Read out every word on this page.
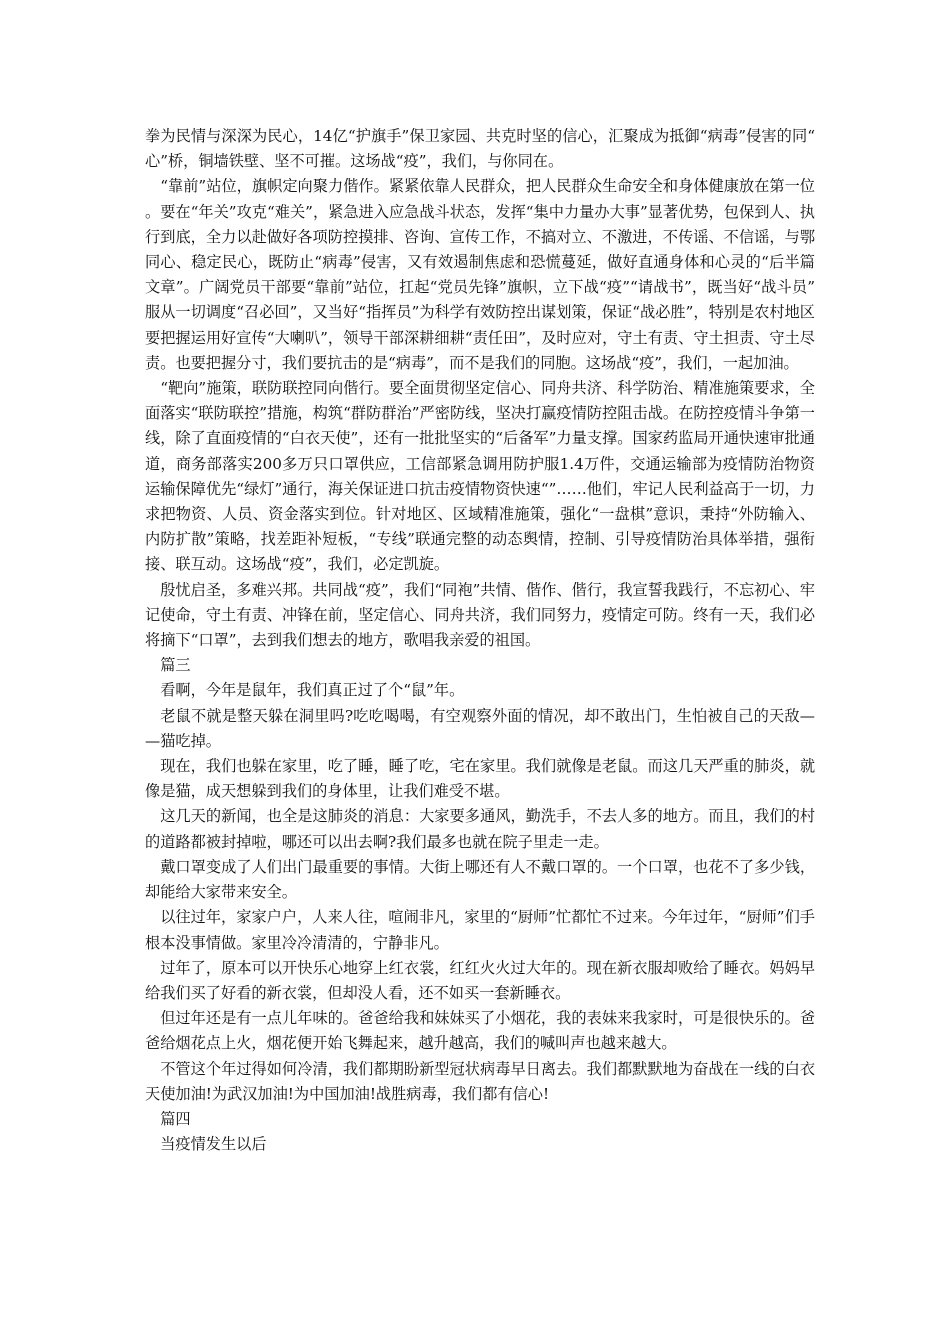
拳为民情与深深为民心，14亿“护旗手”保卫家园、共克时坚的信心，汇聚成为抵御“病毒”侵害的同“心”桥，铜墙铁壁、坚不可摧。这场战“疫”，我们，与你同在。

“靠前”站位，旗帜定向聚力偕作。紧紧依靠人民群众，把人民群众生命安全和身体健康放在第一位。要在“年关”攻克“难关”，紧急进入应急战斗状态，发挥“集中力量办大事”显著优势，包保到人、执行到底，全力以赴做好各项防控摸排、咨询、宣传工作，不搞对立、不激进，不传谣、不信谣，与鄂同心、稳定民心，既防止“病毒”侵害，又有效遏制焦虑和恐慌蔓延，做好直通身体和心灵的“后半篇文章”。广阔党员干部要“靠前”站位，扛起“党员先锋”旗帜，立下战“疫”“请战书”，既当好“战斗员”服从一切调度“召必回”，又当好“指挥员”为科学有效防控出谋划策，保证“战必胜”，特别是农村地区要把握运用好宣传“大喇叭”，领导干部深耕细耕“责任田”，及时应对，守土有责、守土担责、守土尽责。也要把握分寸，我们要抗击的是“病毒”，而不是我们的同胞。这场战“疫”，我们，一起加油。

“靶向”施策，联防联控同向偕行。要全面贯彻坚定信心、同舟共济、科学防治、精准施策要求，全面落实“联防联控”措施，构筑“群防群治”严密防线，坚决打赢疫情防控阻击战。在防控疫情斗争第一线，除了直面疫情的“白衣天使”，还有一批批坚实的“后备军”力量支撑。国家药监局开通快速审批通道，商务部落实200多万只口罩供应，工信部紧急调用防护服1.4万件，交通运输部为疫情防治物资运输保障优先“绿灯”通行，海关保证进口抗击疫情物资快速“”……他们，牢记人民利益高于一切，力求把物资、人员、资金落实到位。针对地区、区域精准施策，强化“一盘棋”意识，秉持“外防输入、内防扩散”策略，找差距补短板，“专线”联通完整的动态舆情，控制、引导疫情防治具体举措，强衔接、联互动。这场战“疫”，我们，必定凯旋。

殷忧启圣，多难兴邦。共同战“疫”，我们“同袍”共情、偕作、偕行，我宣誓我践行，不忘初心、牢记使命，守土有责、冲锋在前，坚定信心、同舟共济，我们同努力，疫情定可防。终有一天，我们必将摘下“口罩”，去到我们想去的地方，歌唱我亲爱的祖国。

篇三

看啊，今年是鼠年，我们真正过了个“鼠”年。

老鼠不就是整天躲在洞里吗?吃吃喝喝，有空观察外面的情况，却不敢出门，生怕被自己的天敌——猫吃掉。

现在，我们也躲在家里，吃了睡，睡了吃，宅在家里。我们就像是老鼠。而这几天严重的肺炎，就像是猫，成天想躲到我们的身体里，让我们难受不堪。

这几天的新闻，也全是这肺炎的消息：大家要多通风，勤洗手，不去人多的地方。而且，我们的村的道路都被封掉啦，哪还可以出去啊?我们最多也就在院子里走一走。

戴口罩变成了人们出门最重要的事情。大街上哪还有人不戴口罩的。一个口罩，也花不了多少钱，却能给大家带来安全。

以往过年，家家户户，人来人往，喧闹非凡，家里的“厨师”忙都忙不过来。今年过年，“厨师”们手根本没事情做。家里冷冷清清的，宁静非凡。

过年了，原本可以开快乐心地穿上红衣裳，红红火火过大年的。现在新衣服却败给了睡衣。妈妈早给我们买了好看的新衣裳，但却没人看，还不如买一套新睡衣。

但过年还是有一点儿年味的。爸爸给我和妹妹买了小烟花，我的表妹来我家时，可是很快乐的。爸爸给烟花点上火，烟花便开始飞舞起来，越升越高，我们的喊叫声也越来越大。

不管这个年过得如何冷清，我们都期盼新型冠状病毒早日离去。我们都默默地为奋战在一线的白衣天使加油!为武汉加油!为中国加油!战胜病毒，我们都有信心!

篇四

当疫情发生以后
